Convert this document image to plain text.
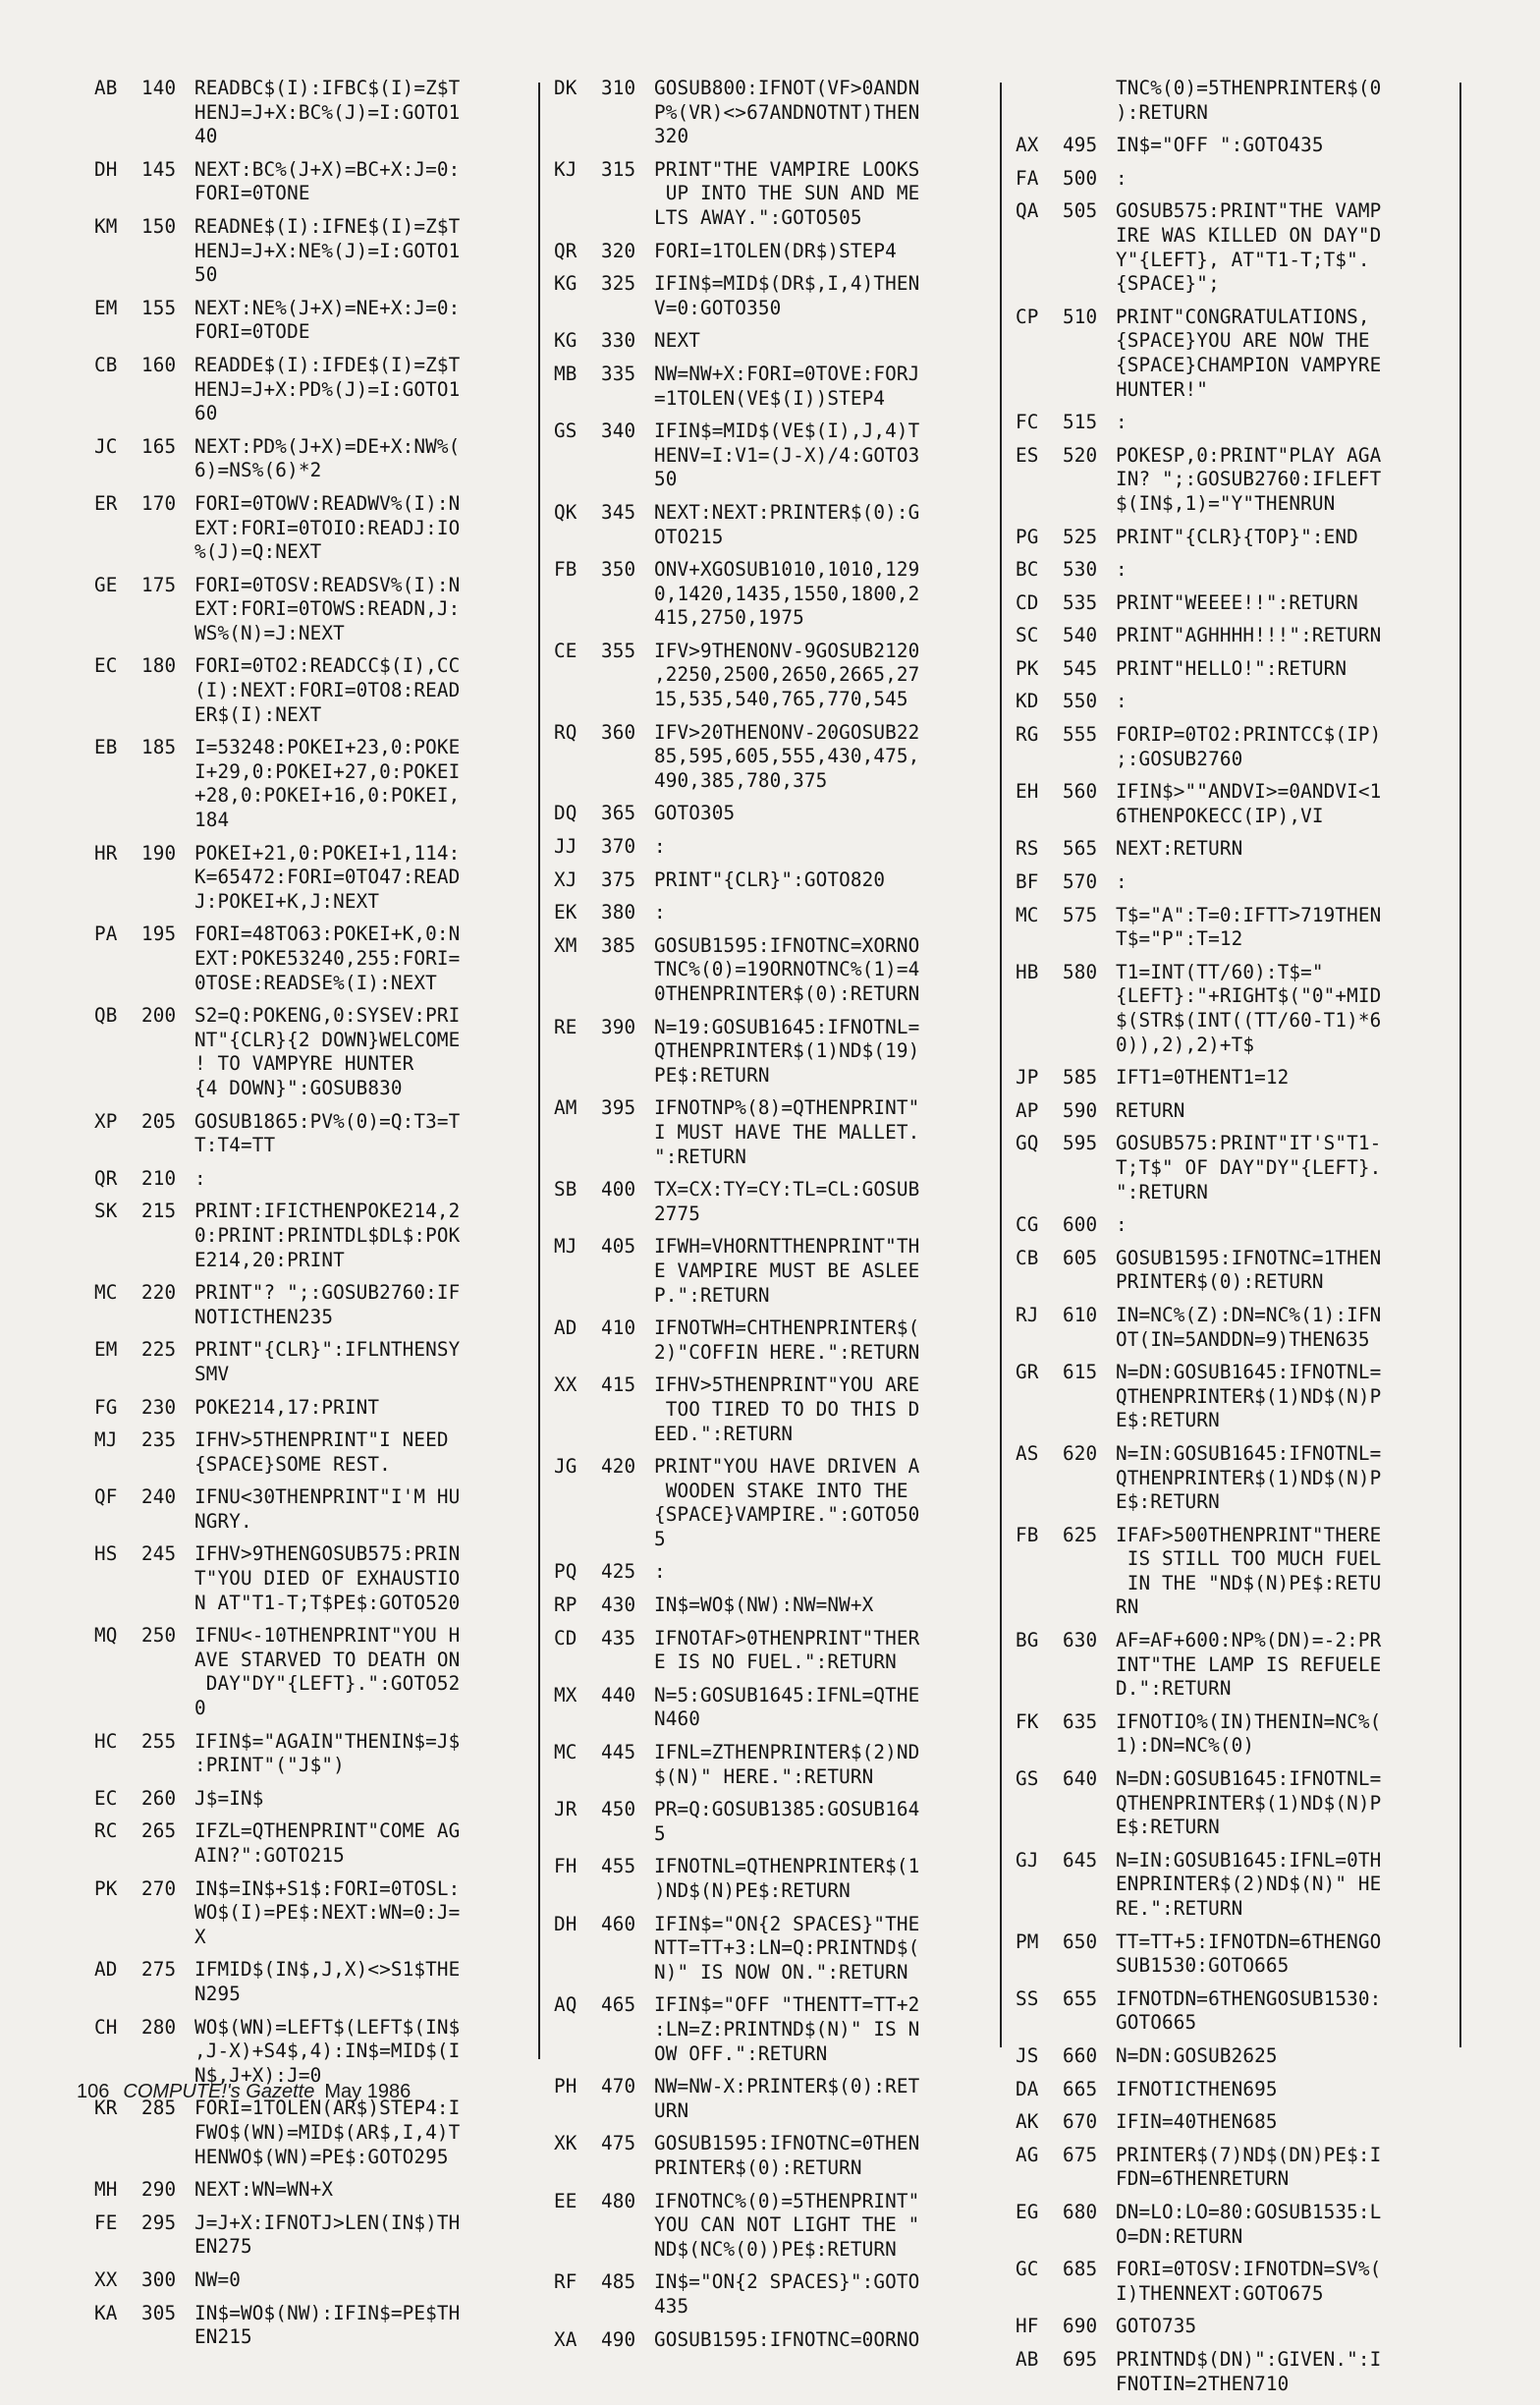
AB	140 READBC$(I):IFBC$(I)=Z$T
HENJ=J+X:BC%(J)=I:GOTO1
40
DH	145 NEXT:BC%(J+X)=BC+X:J=0:
FORI=0TONE
KM	150 READNE$(I):IFNE$(I)=Z$T
HENJ=J+X:NE%(J)=I:GOTO1
50
EM	155 NEXT:NE%(J+X)=NE+X:J=0:
FORI=0TODE
CB	160 READDE$(I):IFDE$(I)=Z$T
HENJ=J+X:PD%(J)=I:GOTO1
60
JC	165 NEXT:PD%(J+X)=DE+X:NW%(
6)=NS%(6)*2
ER	170 FORI=0TOWV:READWV%(I):N
EXT:FORI=0TOIO:READJ:IO
%(J)=Q:NEXT
GE	175 FORI=0TOSV:READSV%(I):N
EXT:FORI=0TOWS:READN,J:
WS%(N)=J:NEXT
EC	180 FORI=0TO2:READCC$(I),CC
(I):NEXT:FORI=0TO8:READ
ER$(I):NEXT
EB	185 I=53248:POKEI+23,0:POKE
I+29,0:POKEI+27,0:POKEI
+28,0:POKEI+16,0:POKEI,
184
HR	190 POKEI+21,0:POKEI+1,114:
K=65472:FORI=0TO47:READ
J:POKEI+K,J:NEXT
PA	195 FORI=48TO63:POKEI+K,0:N
EXT:POKE53240,255:FORI=
0TOSE:READSE%(I):NEXT
QB	200 S2=Q:POKENG,0:SYSEV:PRI
NT"{CLR}{2 DOWN}WELCOME
! TO VAMPYRE HUNTER
{4 DOWN}":GOSUB830
XP	205 GOSUB1865:PV%(0)=Q:T3=T
T:T4=TT
QR	210 :
SK	215 PRINT:IFICTHENPOKE214,2
0:PRINT:PRINTDL$DL$:POK
E214,20:PRINT
MC	220 PRINT"? ";:GOSUB2760:IF
NOTICTHEN235
EM	225 PRINT"{CLR}":IFLNTHENSY
SMV
FG	230 POKE214,17:PRINT
MJ	235 IFHV>5THENPRINT"I NEED
{SPACE}SOME REST.
QF	240 IFNU<30THENPRINT"I'M HU
NGRY.
HS	245 IFHV>9THENGOSUB575:PRIN
T"YOU DIED OF EXHAUSTIO
N AT"T1-T;T$PE$:GOTO520
MQ	250 IFNU<-10THENPRINT"YOU H
AVE STARVED TO DEATH ON
DAY"DY"{LEFT}.":GOTO52
0
HC	255 IFIN$="AGAIN"THENIN$=J$
:PRINT"("J$")
EC	260 J$=IN$
RC	265 IFZL=QTHENPRINT"COME AG
AIN?":GOTO215
PK	270 IN$=IN$+S1$:FORI=0TOSL:
WO$(I)=PE$:NEXT:WN=0:J=
X
AD	275 IFMID$(IN$,J,X)<>S1$THE
N295
CH	280 WO$(WN)=LEFT$(LEFT$(IN$
,J-X)+S4$,4):IN$=MID$(I
N$,J+X):J=0
KR	285 FORI=1TOLEN(AR$)STEP4:I
FWO$(WN)=MID$(AR$,I,4)T
HENWO$(WN)=PE$:GOTO295
MH	290 NEXT:WN=WN+X
FE	295 J=J+X:IFNOTJ>LEN(IN$)TH
EN275
XX	300 NW=0
KA	305 IN$=WO$(NW):IFIN$=PE$TH
EN215
DK	310 GOSUB800:IFNOT(VF>0ANDN
P%(VR)<>67ANDNOTNT)THEN
320
KJ	315 PRINT"THE VAMPIRE LOOKS
UP INTO THE SUN AND ME
LTS AWAY.":GOTO505
QR	320 FORI=1TOLEN(DR$)STEP4
KG	325 IFIN$=MID$(DR$,I,4)THEN
V=0:GOTO350
KG	330 NEXT
MB	335 NW=NW+X:FORI=0TOVE:FORJ
=1TOLEN(VE$(I))STEP4
GS	340 IFIN$=MID$(VE$(I),J,4)T
HENV=I:V1=(J-X)/4:GOTO3
50
QK	345 NEXT:NEXT:PRINTER$(0):G
OTO215
FB	350 ONV+XGOSUB1010,1010,129
0,1420,1435,1550,1800,2
415,2750,1975
CE	355 IFV>9THENONV-9GOSUB2120
,2250,2500,2650,2665,27
15,535,540,765,770,545
RQ	360 IFV>20THENONV-20GOSUB22
85,595,605,555,430,475,
490,385,780,375
DQ	365 GOTO305
JJ	370 :
XJ	375 PRINT"{CLR}":GOTO820
EK	380 :
XM	385 GOSUB1595:IFNOTNC=XORNO
TNC%(0)=19ORNOTNC%(1)=4
0THENPRINTER$(0):RETURN
RE	390 N=19:GOSUB1645:IFNOTNL=
QTHENPRINTER$(1)ND$(19)
PE$:RETURN
AM	395 IFNOTNP%(8)=QTHENPRINT"
I MUST HAVE THE MALLET.
":RETURN
SB	400 TX=CX:TY=CY:TL=CL:GOSUB
2775
MJ	405 IFWH=VHORNTTHENPRINT"TH
E VAMPIRE MUST BE ASLEE
P.":RETURN
AD	410 IFNOTWH=CHTHENPRINTER$(
2)"COFFIN HERE.":RETURN
XX	415 IFHV>5THENPRINT"YOU ARE
TOO TIRED TO DO THIS D
EED.":RETURN
JG	420 PRINT"YOU HAVE DRIVEN A
WOODEN STAKE INTO THE
{SPACE}VAMPIRE.":GOTO50
5
PQ	425 :
RP	430 IN$=WO$(NW):NW=NW+X
CD	435 IFNOTAF>0THENPRINT"THER
E IS NO FUEL.":RETURN
MX	440 N=5:GOSUB1645:IFNL=QTHE
N460
MC	445 IFNL=ZTHENPRINTER$(2)ND
$(N)" HERE.":RETURN
JR	450 PR=Q:GOSUB1385:GOSUB164
5
FH	455 IFNOTNL=QTHENPRINTER$(1
)ND$(N)PE$:RETURN
DH	460 IFIN$="ON{2 SPACES}"THE
NTT=TT+3:LN=Q:PRINTND$(
N)" IS NOW ON.":RETURN
AQ	465 IFIN$="OFF "THENTT=TT+2
:LN=Z:PRINTND$(N)" IS N
OW OFF.":RETURN
PH	470 NW=NW-X:PRINTER$(0):RET
URN
XK	475 GOSUB1595:IFNOTNC=0THEN
PRINTER$(0):RETURN
EE	480 IFNOTNC%(0)=5THENPRINT"
YOU CAN NOT LIGHT THE "
ND$(NC%(0))PE$:RETURN
RF	485 IN$="ON{2 SPACES}":GOTO
435
XA	490 GOSUB1595:IFNOTNC=0ORNO
TNC%(0)=5THENPRINTER$(0
):RETURN
AX	495 IN$="OFF ":GOTO435
FA	500 :
QA	505 GOSUB575:PRINT"THE VAMP
IRE WAS KILLED ON DAY"D
Y"{LEFT}, AT"T1-T;T$".
{SPACE}";
CP	510 PRINT"CONGRATULATIONS,
{SPACE}YOU ARE NOW THE
{SPACE}CHAMPION VAMPYRE
HUNTER!"
FC	515 :
ES	520 POKESP,0:PRINT"PLAY AGA
IN? ";:GOSUB2760:IFLEFT
$(IN$,1)="Y"THENRUN
PG	525 PRINT"{CLR}{TOP}":END
BC	530 :
CD	535 PRINT"WEEEE!!":RETURN
SC	540 PRINT"AGHHHH!!!":RETURN
PK	545 PRINT"HELLO!":RETURN
KD	550 :
RG	555 FORIP=0TO2:PRINTCC$(IP)
;:GOSUB2760
EH	560 IFIN$>""ANDVI>=0ANDVI<1
6THENPOKECC(IP),VI
RS	565 NEXT:RETURN
BF	570 :
MC	575 T$="A":T=0:IFTT>719THEN
T$="P":T=12
HB	580 T1=INT(TT/60):T$="
{LEFT}:"+RIGHT$("0"+MID
$(STR$(INT((TT/60-T1)*6
0)),2),2)+T$
JP	585 IFT1=0THENT1=12
AP	590 RETURN
GQ	595 GOSUB575:PRINT"IT'S"T1-
T;T$" OF DAY"DY"{LEFT}.
":RETURN
CG	600 :
CB	605 GOSUB1595:IFNOTNC=1THEN
PRINTER$(0):RETURN
RJ	610 IN=NC%(Z):DN=NC%(1):IFN
OT(IN=5ANDDN=9)THEN635
GR	615 N=DN:GOSUB1645:IFNOTNL=
QTHENPRINTER$(1)ND$(N)P
E$:RETURN
AS	620 N=IN:GOSUB1645:IFNOTNL=
QTHENPRINTER$(1)ND$(N)P
E$:RETURN
FB	625 IFAF>500THENPRINT"THERE
IS STILL TOO MUCH FUEL
IN THE "ND$(N)PE$:RETU
RN
BG	630 AF=AF+600:NP%(DN)=-2:PR
INT"THE LAMP IS REFUELE
D.":RETURN
FK	635 IFNOTIO%(IN)THENIN=NC%(
1):DN=NC%(0)
GS	640 N=DN:GOSUB1645:IFNOTNL=
QTHENPRINTER$(1)ND$(N)P
E$:RETURN
GJ	645 N=IN:GOSUB1645:IFNL=0TH
ENPRINTER$(2)ND$(N)" HE
RE.":RETURN
PM	650 TT=TT+5:IFNOTDN=6THENGO
SUB1530:GOTO665
SS	655 IFNOTDN=6THENGOSUB1530:
GOTO665
JS	660 N=DN:GOSUB2625
DA	665 IFNOTICTHEN695
AK	670 IFIN=40THEN685
AG	675 PRINTER$(7)ND$(DN)PE$:I
FDN=6THENRETURN
EG	680 DN=LO:LO=80:GOSUB1535:L
O=DN:RETURN
GC	685 FORI=0TOSV:IFNOTDN=SV%(
I)THENNEXT:GOTO675
HF	690 GOTO735
AB	695 PRINTND$(DN)":GIVEN.":I
FNOTIN=2THEN710
106 COMPUTE!'s Gazette May 1986
